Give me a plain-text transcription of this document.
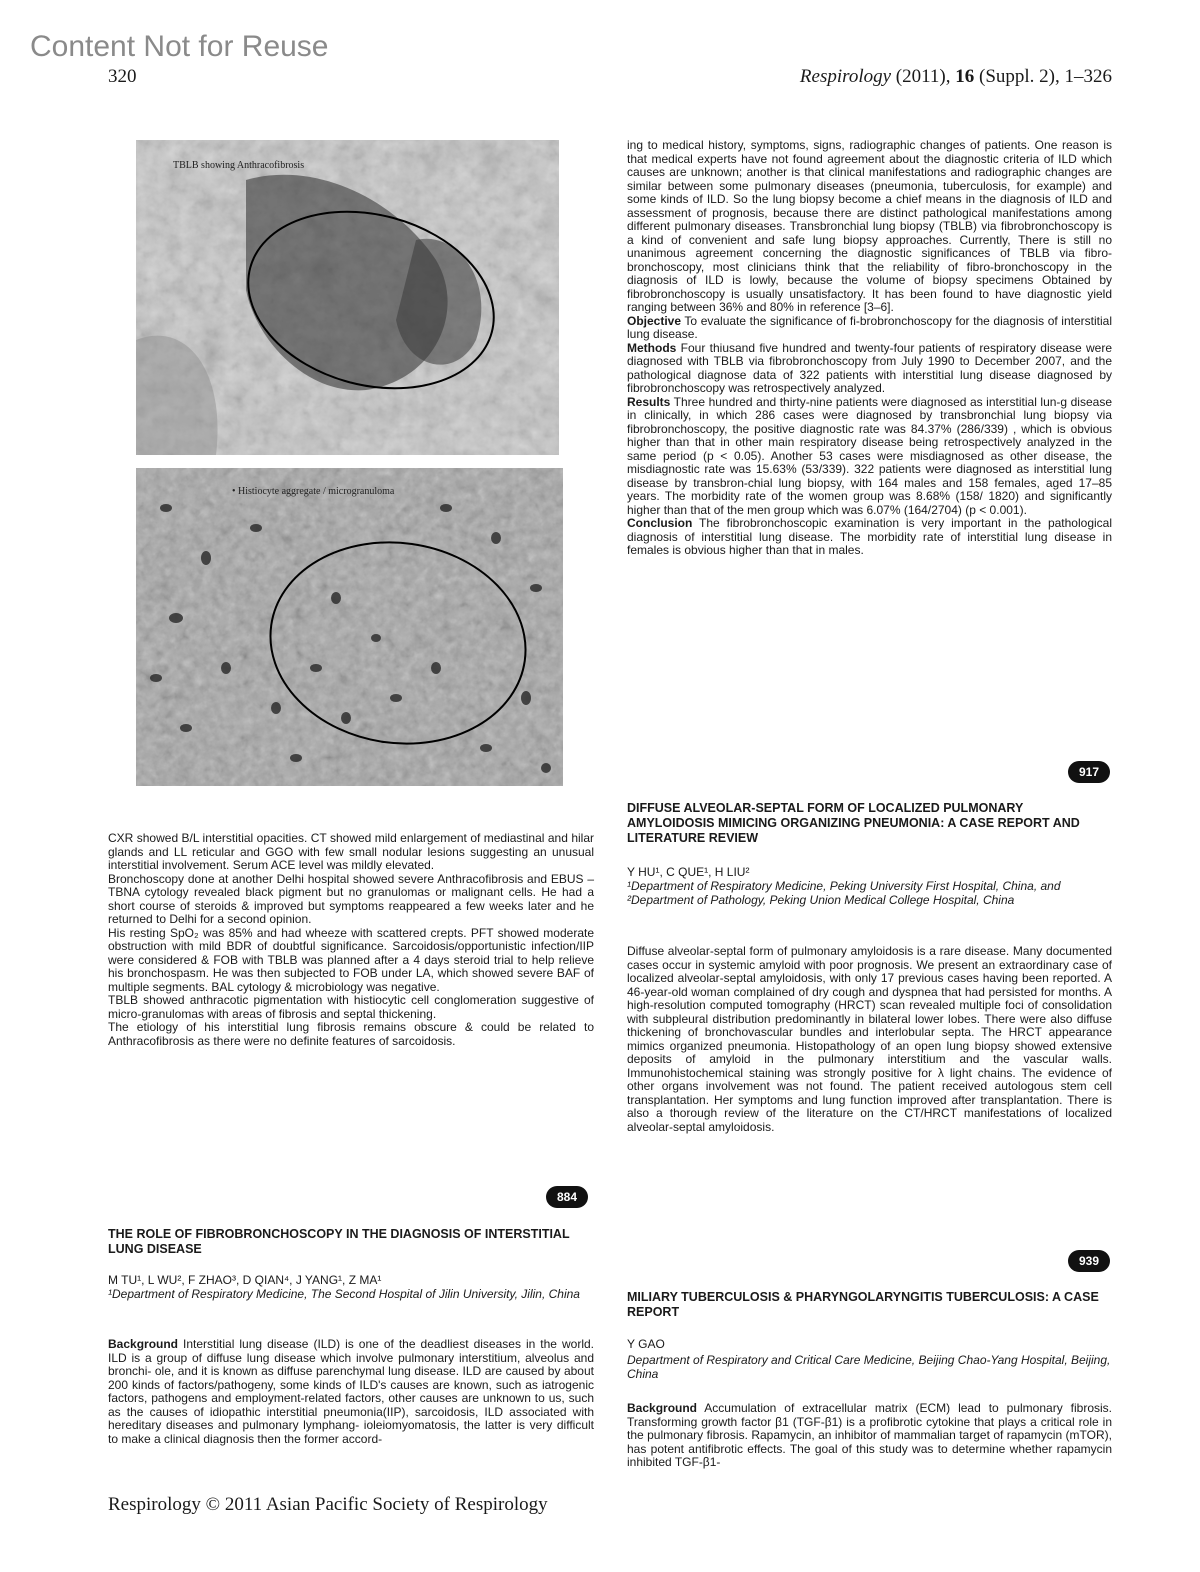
Content Not for Reuse
320	Respirology (2011), 16 (Suppl. 2), 1–326
TBLB showing Anthracofibrosis
• Histiocyte aggregate / microgranuloma

CXR showed B/L interstitial opacities. CT showed mild enlargement of mediastinal and hilar glands and LL reticular and GGO with few small nodular lesions suggesting an unusual interstitial involvement. Serum ACE level was mildly elevated.

Bronchoscopy done at another Delhi hospital showed severe Anthracofibrosis and EBUS – TBNA cytology revealed black pigment but no granulomas or malignant cells. He had a short course of steroids & improved but symptoms reappeared a few weeks later and he returned to Delhi for a second opinion.

His resting SpO₂ was 85% and had wheeze with scattered crepts. PFT showed moderate obstruction with mild BDR of doubtful significance. Sarcoidosis/opportunistic infection/IIP were considered & FOB with TBLB was planned after a 4 days steroid trial to help relieve his bronchospasm. He was then subjected to FOB under LA, which showed severe BAF of multiple segments. BAL cytology & microbiology was negative.

TBLB showed anthracotic pigmentation with histiocytic cell conglomeration suggestive of micro-granulomas with areas of fibrosis and septal thickening.

The etiology of his interstitial lung fibrosis remains obscure & could be related to Anthracofibrosis as there were no definite features of sarcoidosis.

884
THE ROLE OF FIBROBRONCHOSCOPY IN THE DIAGNOSIS OF INTERSTITIAL LUNG DISEASE
M TU¹, L WU², F ZHAO³, D QIAN⁴, J YANG¹, Z MA¹
¹Department of Respiratory Medicine, The Second Hospital of Jilin University, Jilin, China

Background Interstitial lung disease (ILD) is one of the deadliest diseases in the world. ILD is a group of diffuse lung disease which involve pulmonary interstitium, alveolus and bronchi- ole, and it is known as diffuse parenchymal lung disease. ILD are caused by about 200 kinds of factors/pathogeny, some kinds of ILD's causes are known, such as iatrogenic factors, pathogens and employment-related factors, other causes are unknown to us, such as the causes of idiopathic interstitial pneumonia(IIP), sarcoidosis, ILD associated with hereditary diseases and pulmonary lymphang- ioleiomyomatosis, the latter is very difficult to make a clinical diagnosis then the former accord-

ing to medical history, symptoms, signs, radiographic changes of patients. One reason is that medical experts have not found agreement about the diagnostic criteria of ILD which causes are unknown; another is that clinical manifestations and radiographic changes are similar between some pulmonary diseases (pneumonia, tuberculosis, for example) and some kinds of ILD. So the lung biopsy become a chief means in the diagnosis of ILD and assessment of prognosis, because there are distinct pathological manifestations among different pulmonary diseases. Transbronchial lung biopsy (TBLB) via fibrobronchoscopy is a kind of convenient and safe lung biopsy approaches. Currently, There is still no unanimous agreement concerning the diagnostic significances of TBLB via fibro-bronchoscopy, most clinicians think that the reliability of fibro-bronchoscopy in the diagnosis of ILD is lowly, because the volume of biopsy specimens Obtained by fibrobronchoscopy is usually unsatisfactory. It has been found to have diagnostic yield ranging between 36% and 80% in reference [3–6].

Objective To evaluate the significance of fi-brobronchoscopy for the diagnosis of interstitial lung disease.

Methods Four thiusand five hundred and twenty-four patients of respiratory disease were diagnosed with TBLB via fibrobronchoscopy from July 1990 to December 2007, and the pathological diagnose data of 322 patients with interstitial lung disease diagnosed by fibrobronchoscopy was retrospectively analyzed.

Results Three hundred and thirty-nine patients were diagnosed as interstitial lun-g disease in clinically, in which 286 cases were diagnosed by transbronchial lung biopsy via fibrobronchoscopy, the positive diagnostic rate was 84.37% (286/339) , which is obvious higher than that in other main respiratory disease being retrospectively analyzed in the same period (p < 0.05). Another 53 cases were misdiagnosed as other disease, the misdiagnostic rate was 15.63% (53/339). 322 patients were diagnosed as interstitial lung disease by transbron-chial lung biopsy, with 164 males and 158 females, aged 17–85 years. The morbidity rate of the women group was 8.68% (158/ 1820) and significantly higher than that of the men group which was 6.07% (164/2704) (p < 0.001).

Conclusion The fibrobronchoscopic examination is very important in the pathological diagnosis of interstitial lung disease. The morbidity rate of interstitial lung disease in females is obvious higher than that in males.

917
DIFFUSE ALVEOLAR-SEPTAL FORM OF LOCALIZED PULMONARY AMYLOIDOSIS MIMICING ORGANIZING PNEUMONIA: A CASE REPORT AND LITERATURE REVIEW
Y HU¹, C QUE¹, H LIU²
¹Department of Respiratory Medicine, Peking University First Hospital, China, and ²Department of Pathology, Peking Union Medical College Hospital, China

Diffuse alveolar-septal form of pulmonary amyloidosis is a rare disease. Many documented cases occur in systemic amyloid with poor prognosis. We present an extraordinary case of localized alveolar-septal amyloidosis, with only 17 previous cases having been reported. A 46-year-old woman complained of dry cough and dyspnea that had persisted for months. A high-resolution computed tomography (HRCT) scan revealed multiple foci of consolidation with subpleural distribution predominantly in bilateral lower lobes. There were also diffuse thickening of bronchovascular bundles and interlobular septa. The HRCT appearance mimics organized pneumonia. Histopathology of an open lung biopsy showed extensive deposits of amyloid in the pulmonary interstitium and the vascular walls. Immunohistochemical staining was strongly positive for λ light chains. The evidence of other organs involvement was not found. The patient received autologous stem cell transplantation. Her symptoms and lung function improved after transplantation. There is also a thorough review of the literature on the CT/HRCT manifestations of localized alveolar-septal amyloidosis.

939
MILIARY TUBERCULOSIS & PHARYNGOLARYNGITIS TUBERCULOSIS: A CASE REPORT
Y GAO
Department of Respiratory and Critical Care Medicine, Beijing Chao-Yang Hospital, Beijing, China

Background Accumulation of extracellular matrix (ECM) lead to pulmonary fibrosis. Transforming growth factor β1 (TGF-β1) is a profibrotic cytokine that plays a critical role in the pulmonary fibrosis. Rapamycin, an inhibitor of mammalian target of rapamycin (mTOR), has potent antifibrotic effects. The goal of this study was to determine whether rapamycin inhibited TGF-β1-

Respirology © 2011 Asian Pacific Society of Respirology
